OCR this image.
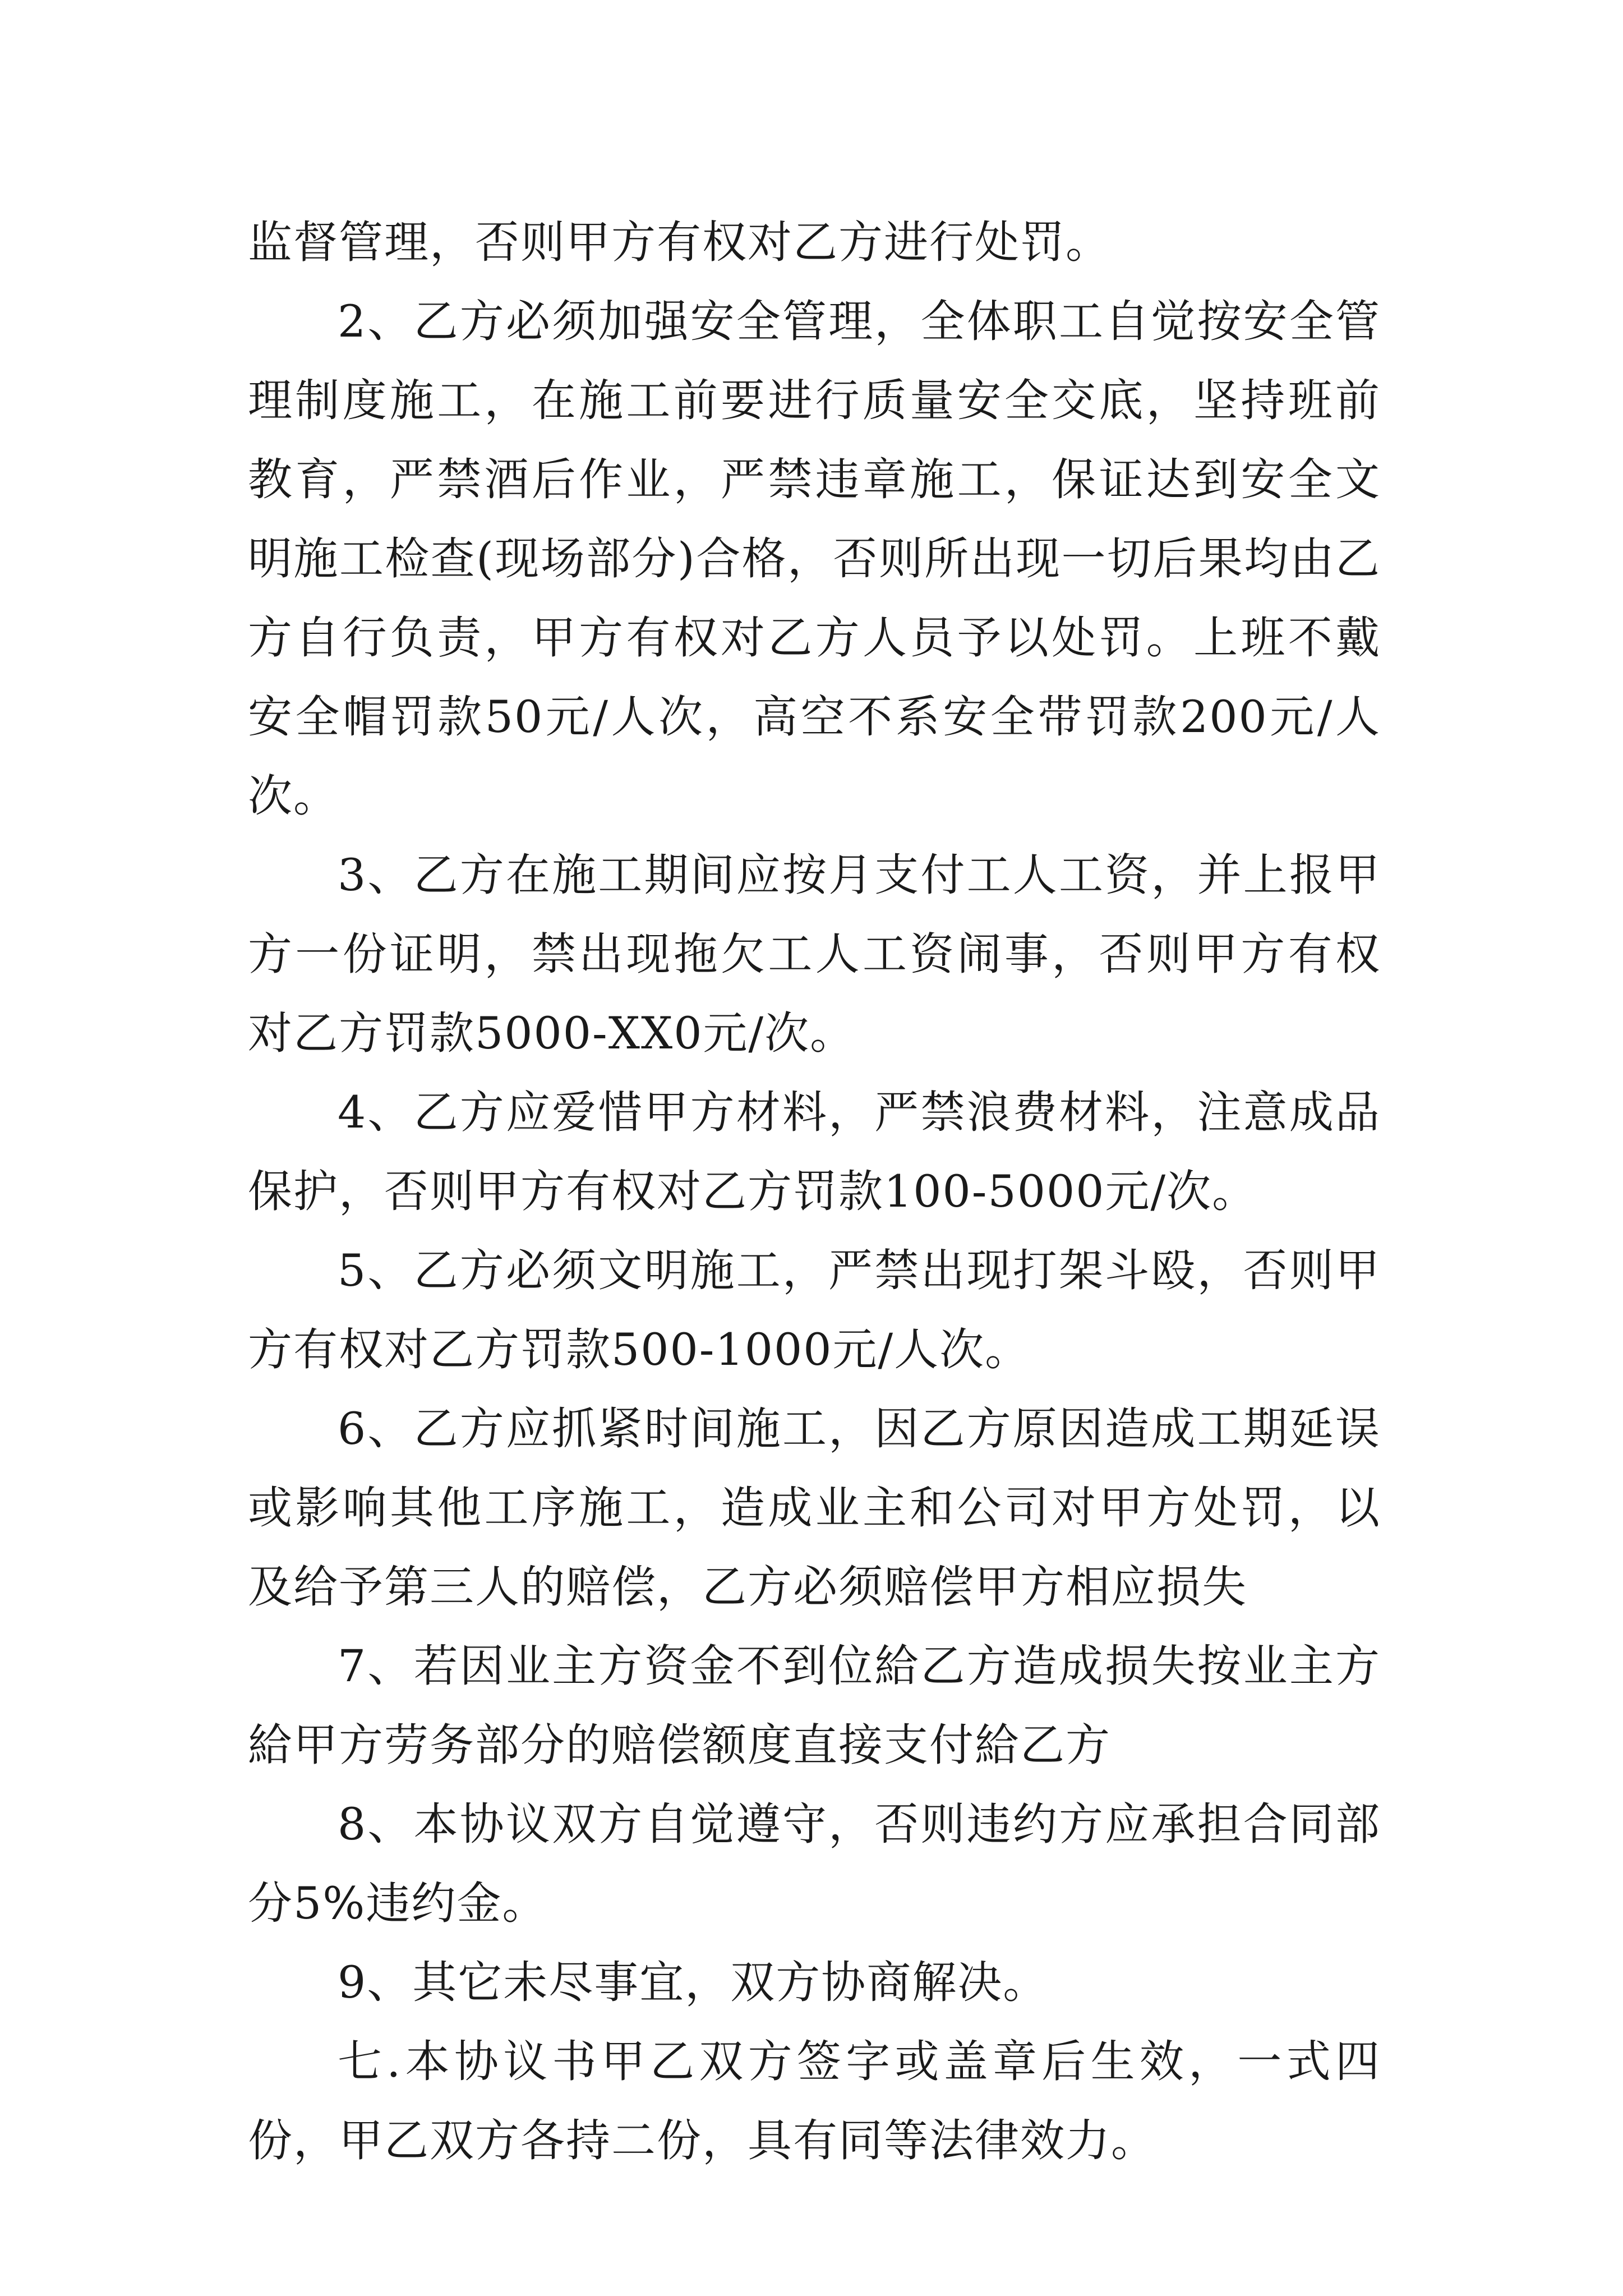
监督管理，否则甲方有权对乙方进行处罚。

2、乙方必须加强安全管理，全体职工自觉按安全管理制度施工，在施工前要进行质量安全交底，坚持班前教育，严禁酒后作业，严禁违章施工，保证达到安全文明施工检查(现场部分)合格，否则所出现一切后果均由乙方自行负责，甲方有权对乙方人员予以处罚。上班不戴安全帽罚款50元/人次，高空不系安全带罚款200元/人次。

3、乙方在施工期间应按月支付工人工资，并上报甲方一份证明，禁出现拖欠工人工资闹事，否则甲方有权对乙方罚款5000-XX0元/次。

4、乙方应爱惜甲方材料，严禁浪费材料，注意成品保护，否则甲方有权对乙方罚款100-5000元/次。

5、乙方必须文明施工，严禁出现打架斗殴，否则甲方有权对乙方罚款500-1000元/人次。

6、乙方应抓紧时间施工，因乙方原因造成工期延误或影响其他工序施工，造成业主和公司对甲方处罚，以及给予第三人的赔偿，乙方必须赔偿甲方相应损失

7、若因业主方资金不到位給乙方造成损失按业主方給甲方劳务部分的赔偿额度直接支付給乙方

8、本协议双方自觉遵守，否则违约方应承担合同部分5%违约金。

9、其它未尽事宜，双方协商解决。

七.本协议书甲乙双方签字或盖章后生效，一式四份，甲乙双方各持二份，具有同等法律效力。
